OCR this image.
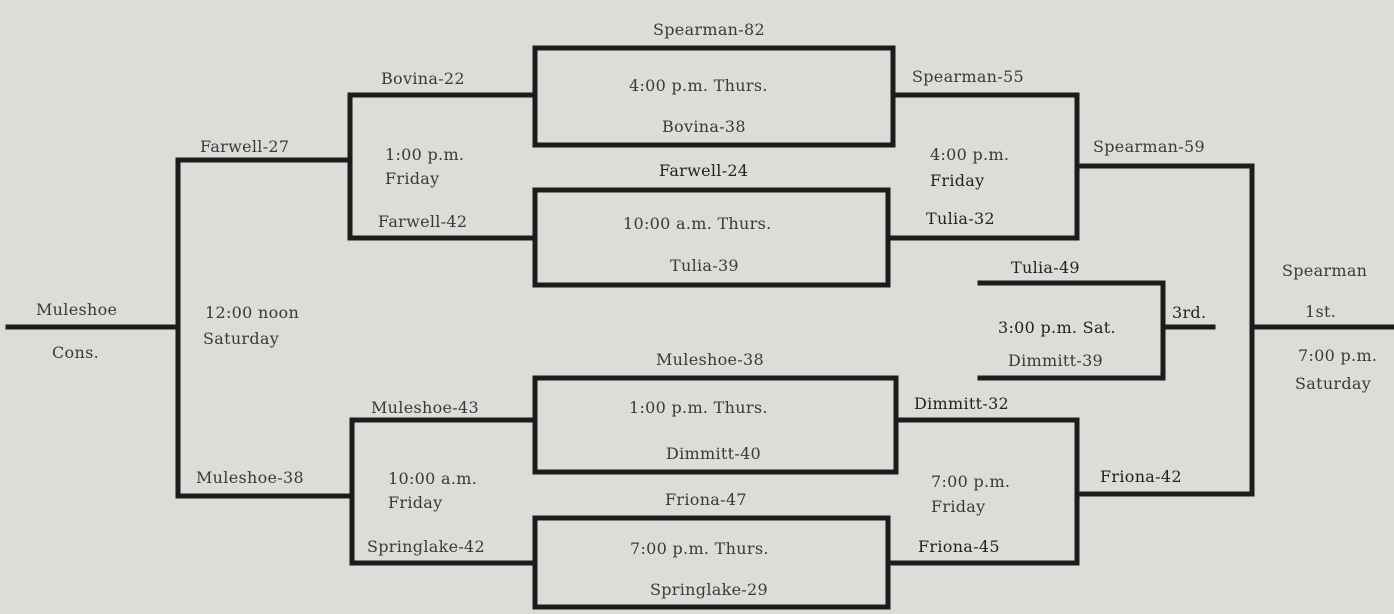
Muleshoe
Cons.
Farwell-27
12:00 noon
Saturday
Muleshoe-38
Bovina-22
1:00 p.m.
Friday
Farwell-42
Muleshoe-43
10:00 a.m.
Friday
Springlake-42
Spearman-82
4:00 p.m. Thurs.
Bovina-38
Farwell-24
10:00 a.m. Thurs.
Tulia-39
Muleshoe-38
1:00 p.m. Thurs.
Dimmitt-40
Friona-47
7:00 p.m. Thurs.
Springlake-29
Spearman-55
4:00 p.m.
Friday
Tulia-32
Dimmitt-32
7:00 p.m.
Friday
Friona-45
Tulia-49
3:00 p.m. Sat.
Dimmitt-39
3rd.
Spearman-59
Friona-42
Spearman
1st.
7:00 p.m.
Saturday
